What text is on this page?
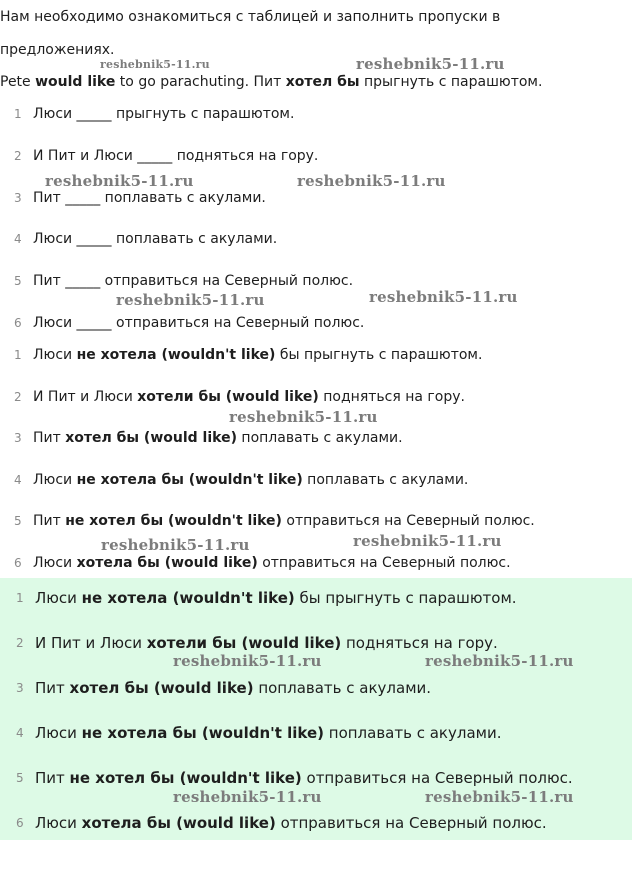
Нам необходимо ознакомиться с таблицей и заполнить пропуски в
предложениях.
Pete would like to go parachuting. Пит хотел бы прыгнуть с парашютом.
1 Люси _____ прыгнуть с парашютом.
2 И Пит и Люси _____ подняться на гору.
3 Пит _____ поплавать с акулами.
4 Люси _____ поплавать с акулами.
5 Пит _____ отправиться на Северный полюс.
6 Люси _____ отправиться на Северный полюс.
1 Люси не хотела (wouldn't like) бы прыгнуть с парашютом.
2 И Пит и Люси хотели бы (would like) подняться на гору.
3 Пит хотел бы (would like) поплавать с акулами.
4 Люси не хотела бы (wouldn't like) поплавать с акулами.
5 Пит не хотел бы (wouldn't like) отправиться на Северный полюс.
6 Люси хотела бы (would like) отправиться на Северный полюс.
1 Люси не хотела (wouldn't like) бы прыгнуть с парашютом.
2 И Пит и Люси хотели бы (would like) подняться на гору.
3 Пит хотел бы (would like) поплавать с акулами.
4 Люси не хотела бы (wouldn't like) поплавать с акулами.
5 Пит не хотел бы (wouldn't like) отправиться на Северный полюс.
6 Люси хотела бы (would like) отправиться на Северный полюс.
reshebnik5-11.ru	reshebnik5-11.ru
reshebnik5-11.ru	reshebnik5-11.ru
reshebnik5-11.ru	reshebnik5-11.ru
reshebnik5-11.ru
reshebnik5-11.ru	reshebnik5-11.ru
reshebnik5-11.ru	reshebnik5-11.ru
reshebnik5-11.ru	reshebnik5-11.ru
